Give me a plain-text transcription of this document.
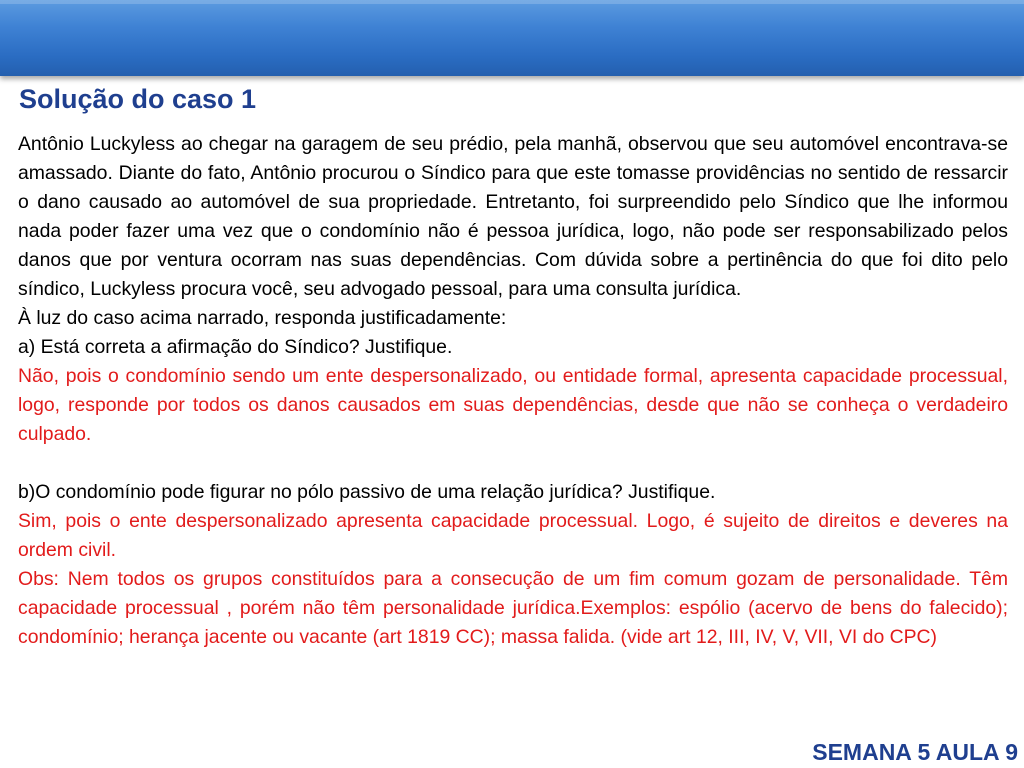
Solução do caso 1

Antônio Luckyless ao chegar na garagem de seu prédio, pela manhã, observou que seu automóvel encontrava-se amassado. Diante do fato, Antônio procurou o Síndico para que este tomasse providências no sentido de ressarcir o dano causado ao automóvel de sua propriedade. Entretanto, foi surpreendido pelo Síndico que lhe informou nada poder fazer uma vez que o condomínio não é pessoa jurídica, logo, não pode ser responsabilizado pelos danos que por ventura ocorram nas suas dependências. Com dúvida sobre a pertinência do que foi dito pelo síndico, Luckyless procura você, seu advogado pessoal, para uma consulta jurídica.

À luz do caso acima narrado, responda justificadamente:

a) Está correta a afirmação do Síndico? Justifique.

Não, pois o condomínio sendo um ente despersonalizado, ou entidade formal, apresenta capacidade processual, logo, responde por todos os danos causados em suas dependências, desde que não se conheça o verdadeiro culpado.

b)O condomínio pode figurar no pólo passivo de uma relação jurídica? Justifique.

Sim, pois o ente despersonalizado apresenta capacidade processual. Logo, é sujeito de direitos e deveres na ordem civil.

Obs: Nem todos os grupos constituídos para a consecução de um fim comum gozam de personalidade. Têm capacidade processual , porém não têm personalidade jurídica.Exemplos: espólio (acervo de bens do falecido); condomínio; herança jacente ou vacante (art 1819 CC); massa falida. (vide art 12, III, IV, V, VII, VI do CPC)

SEMANA 5 AULA 9
